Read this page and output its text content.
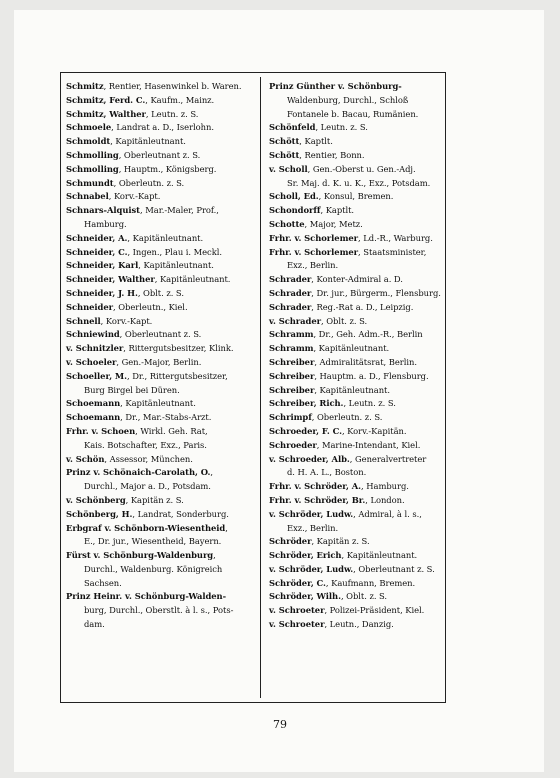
Schmitz, Rentier, Hasenwinkel b. Waren.
Schmitz, Ferd. C., Kaufm., Mainz.
Schmitz, Walther, Leutn. z. S.
Schmoele, Landrat a. D., Iserlohn.
Schmoldt, Kapitänleutnant.
Schmolling, Oberleutnant z. S.
Schmolling, Hauptm., Königsberg.
Schmundt, Oberleutn. z. S.
Schnabel, Korv.-Kapt.
Schnars-Alquist, Mar.-Maler, Prof.,
Hamburg.
Schneider, A., Kapitänleutnant.
Schneider, C., Ingen., Plau i. Meckl.
Schneider, Karl, Kapitänleutnant.
Schneider, Walther, Kapitänleutnant.
Schneider, J. H., Oblt. z. S.
Schneider, Oberleutn., Kiel.
Schnell, Korv.-Kapt.
Schniewind, Oberleutnant z. S.
v. Schnitzler, Rittergutsbesitzer, Klink.
v. Schoeler, Gen.-Major, Berlin.
Schoeller, M., Dr., Rittergutsbesitzer,
Burg Birgel bei Düren.
Schoemann, Kapitänleutnant.
Schoemann, Dr., Mar.-Stabs-Arzt.
Frhr. v. Schoen, Wirkl. Geh. Rat,
Kais. Botschafter, Exz., Paris.
v. Schön, Assessor, München.
Prinz v. Schönaich-Carolath, O.,
Durchl., Major a. D., Potsdam.
v. Schönberg, Kapitän z. S.
Schönberg, H., Landrat, Sonderburg.
Erbgraf v. Schönborn-Wiesentheid,
E., Dr. jur., Wiesentheid, Bayern.
Fürst v. Schönburg-Waldenburg,
Durchl., Waldenburg. Königreich
Sachsen.
Prinz Heinr. v. Schönburg-Walden-
burg, Durchl., Oberstlt. à l. s., Pots-
dam.
Prinz Günther v. Schönburg-
Waldenburg, Durchl., Schloß
Fontanele b. Bacau, Rumänien.
Schönfeld, Leutn. z. S.
Schött, Kaptlt.
Schött, Rentier, Bonn.
v. Scholl, Gen.-Oberst u. Gen.-Adj.
Sr. Maj. d. K. u. K., Exz., Potsdam.
Scholl, Ed., Konsul, Bremen.
Schondorff, Kaptlt.
Schotte, Major, Metz.
Frhr. v. Schorlemer, Ld.-R., Warburg.
Frhr. v. Schorlemer, Staatsminister,
Exz., Berlin.
Schrader, Konter-Admiral a. D.
Schrader, Dr. jur., Bürgerm., Flensburg.
Schrader, Reg.-Rat a. D., Leipzig.
v. Schrader, Oblt. z. S.
Schramm, Dr., Geh. Adm.-R., Berlin
Schramm, Kapitänleutnant.
Schreiber, Admiralitätsrat, Berlin.
Schreiber, Hauptm. a. D., Flensburg.
Schreiber, Kapitänleutnant.
Schreiber, Rich., Leutn. z. S.
Schrimpf, Oberleutn. z. S.
Schroeder, F. C., Korv.-Kapitän.
Schroeder, Marine-Intendant, Kiel.
v. Schroeder, Alb., Generalvertreter
d. H. A. L., Boston.
Frhr. v. Schröder, A., Hamburg.
Frhr. v. Schröder, Br., London.
v. Schröder, Ludw., Admiral, à l. s.,
Exz., Berlin.
Schröder, Kapitän z. S.
Schröder, Erich, Kapitänleutnant.
v. Schröder, Ludw., Oberleutnant z. S.
Schröder, C., Kaufmann, Bremen.
Schröder, Wilh., Oblt. z. S.
v. Schroeter, Polizei-Präsident, Kiel.
v. Schroeter, Leutn., Danzig.
79
